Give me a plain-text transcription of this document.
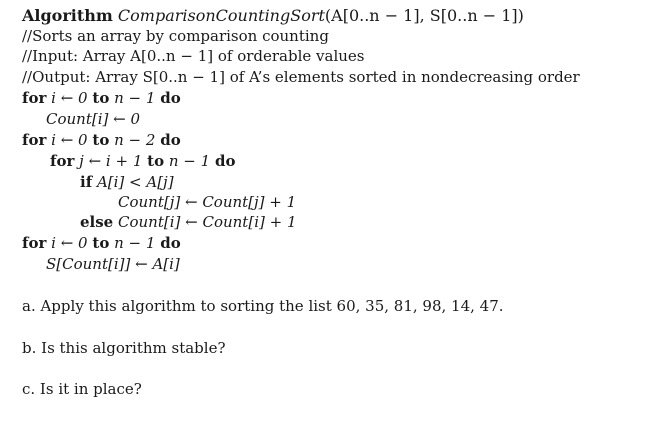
Algorithm ComparisonCountingSort(A[0..n − 1], S[0..n − 1])
//Sorts an array by comparison counting
//Input: Array A[0..n − 1] of orderable values
//Output: Array S[0..n − 1] of A’s elements sorted in nondecreasing order
for i ← 0 to n − 1 do
Count[i] ← 0
for i ← 0 to n − 2 do
for j ← i + 1 to n − 1 do
if A[i] < A[j]
Count[j] ← Count[j] + 1
else Count[i] ← Count[i] + 1
for i ← 0 to n − 1 do
S[Count[i]] ← A[i]
a. Apply this algorithm to sorting the list 60, 35, 81, 98, 14, 47.
b. Is this algorithm stable?
c. Is it in place?
